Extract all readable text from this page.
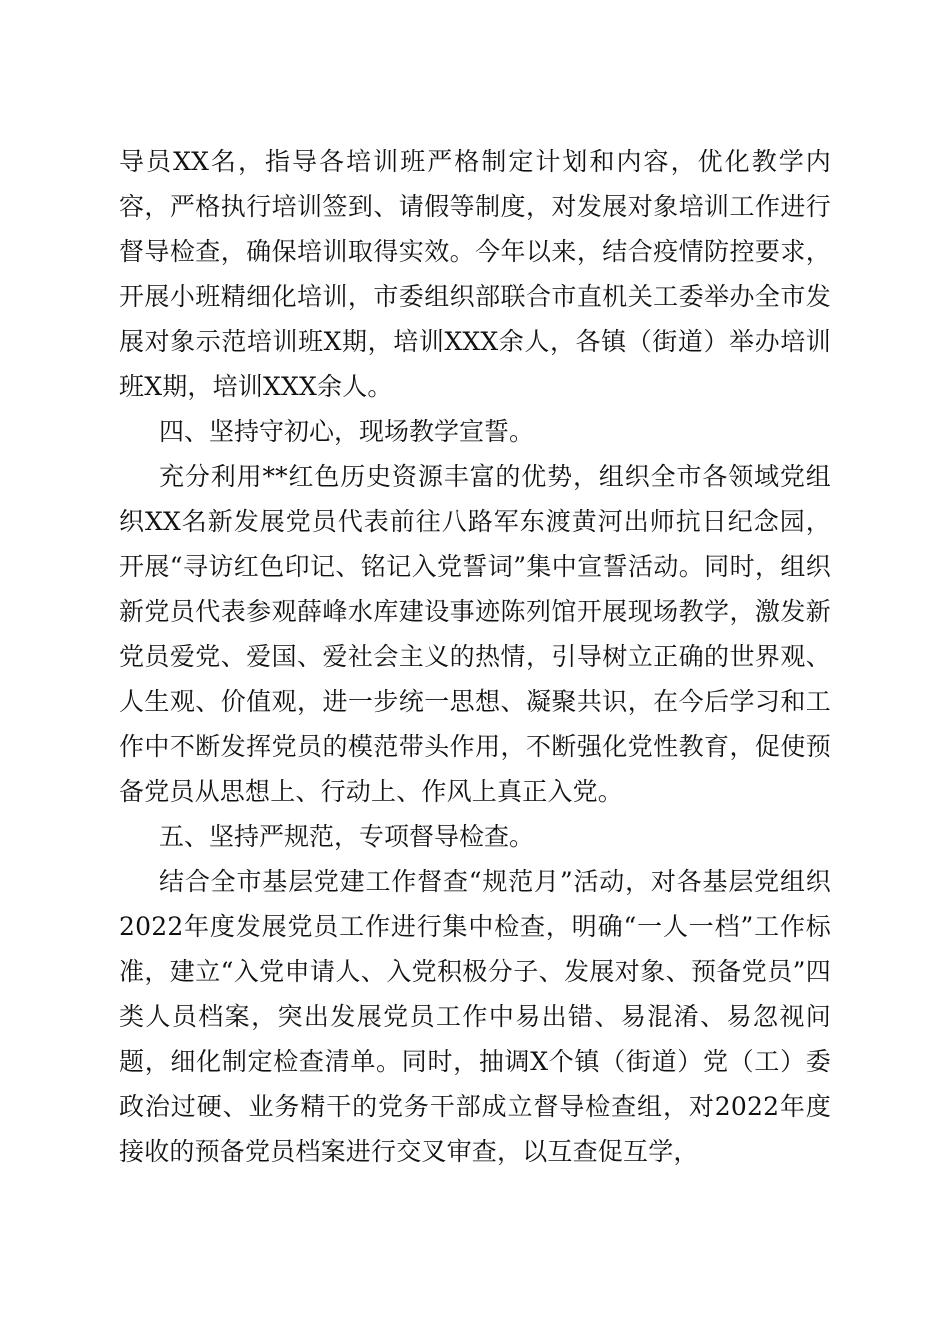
导员XX名，指导各培训班严格制定计划和内容，优化教学内容，严格执行培训签到、请假等制度，对发展对象培训工作进行督导检查，确保培训取得实效。今年以来，结合疫情防控要求，开展小班精细化培训，市委组织部联合市直机关工委举办全市发展对象示范培训班X期，培训XXX余人，各镇（街道）举办培训班X期，培训XXX余人。

四、坚持守初心，现场教学宣誓。

充分利用**红色历史资源丰富的优势，组织全市各领域党组织XX名新发展党员代表前往八路军东渡黄河出师抗日纪念园，开展“寻访红色印记、铭记入党誓词”集中宣誓活动。同时，组织新党员代表参观薛峰水库建设事迹陈列馆开展现场教学，激发新党员爱党、爱国、爱社会主义的热情，引导树立正确的世界观、人生观、价值观，进一步统一思想、凝聚共识，在今后学习和工作中不断发挥党员的模范带头作用，不断强化党性教育，促使预备党员从思想上、行动上、作风上真正入党。

五、坚持严规范，专项督导检查。

结合全市基层党建工作督查“规范月”活动，对各基层党组织2022年度发展党员工作进行集中检查，明确“一人一档”工作标准，建立“入党申请人、入党积极分子、发展对象、预备党员”四类人员档案，突出发展党员工作中易出错、易混淆、易忽视问题，细化制定检查清单。同时，抽调X个镇（街道）党（工）委政治过硬、业务精干的党务干部成立督导检查组，对2022年度接收的预备党员档案进行交叉审查，以互查促互学，
